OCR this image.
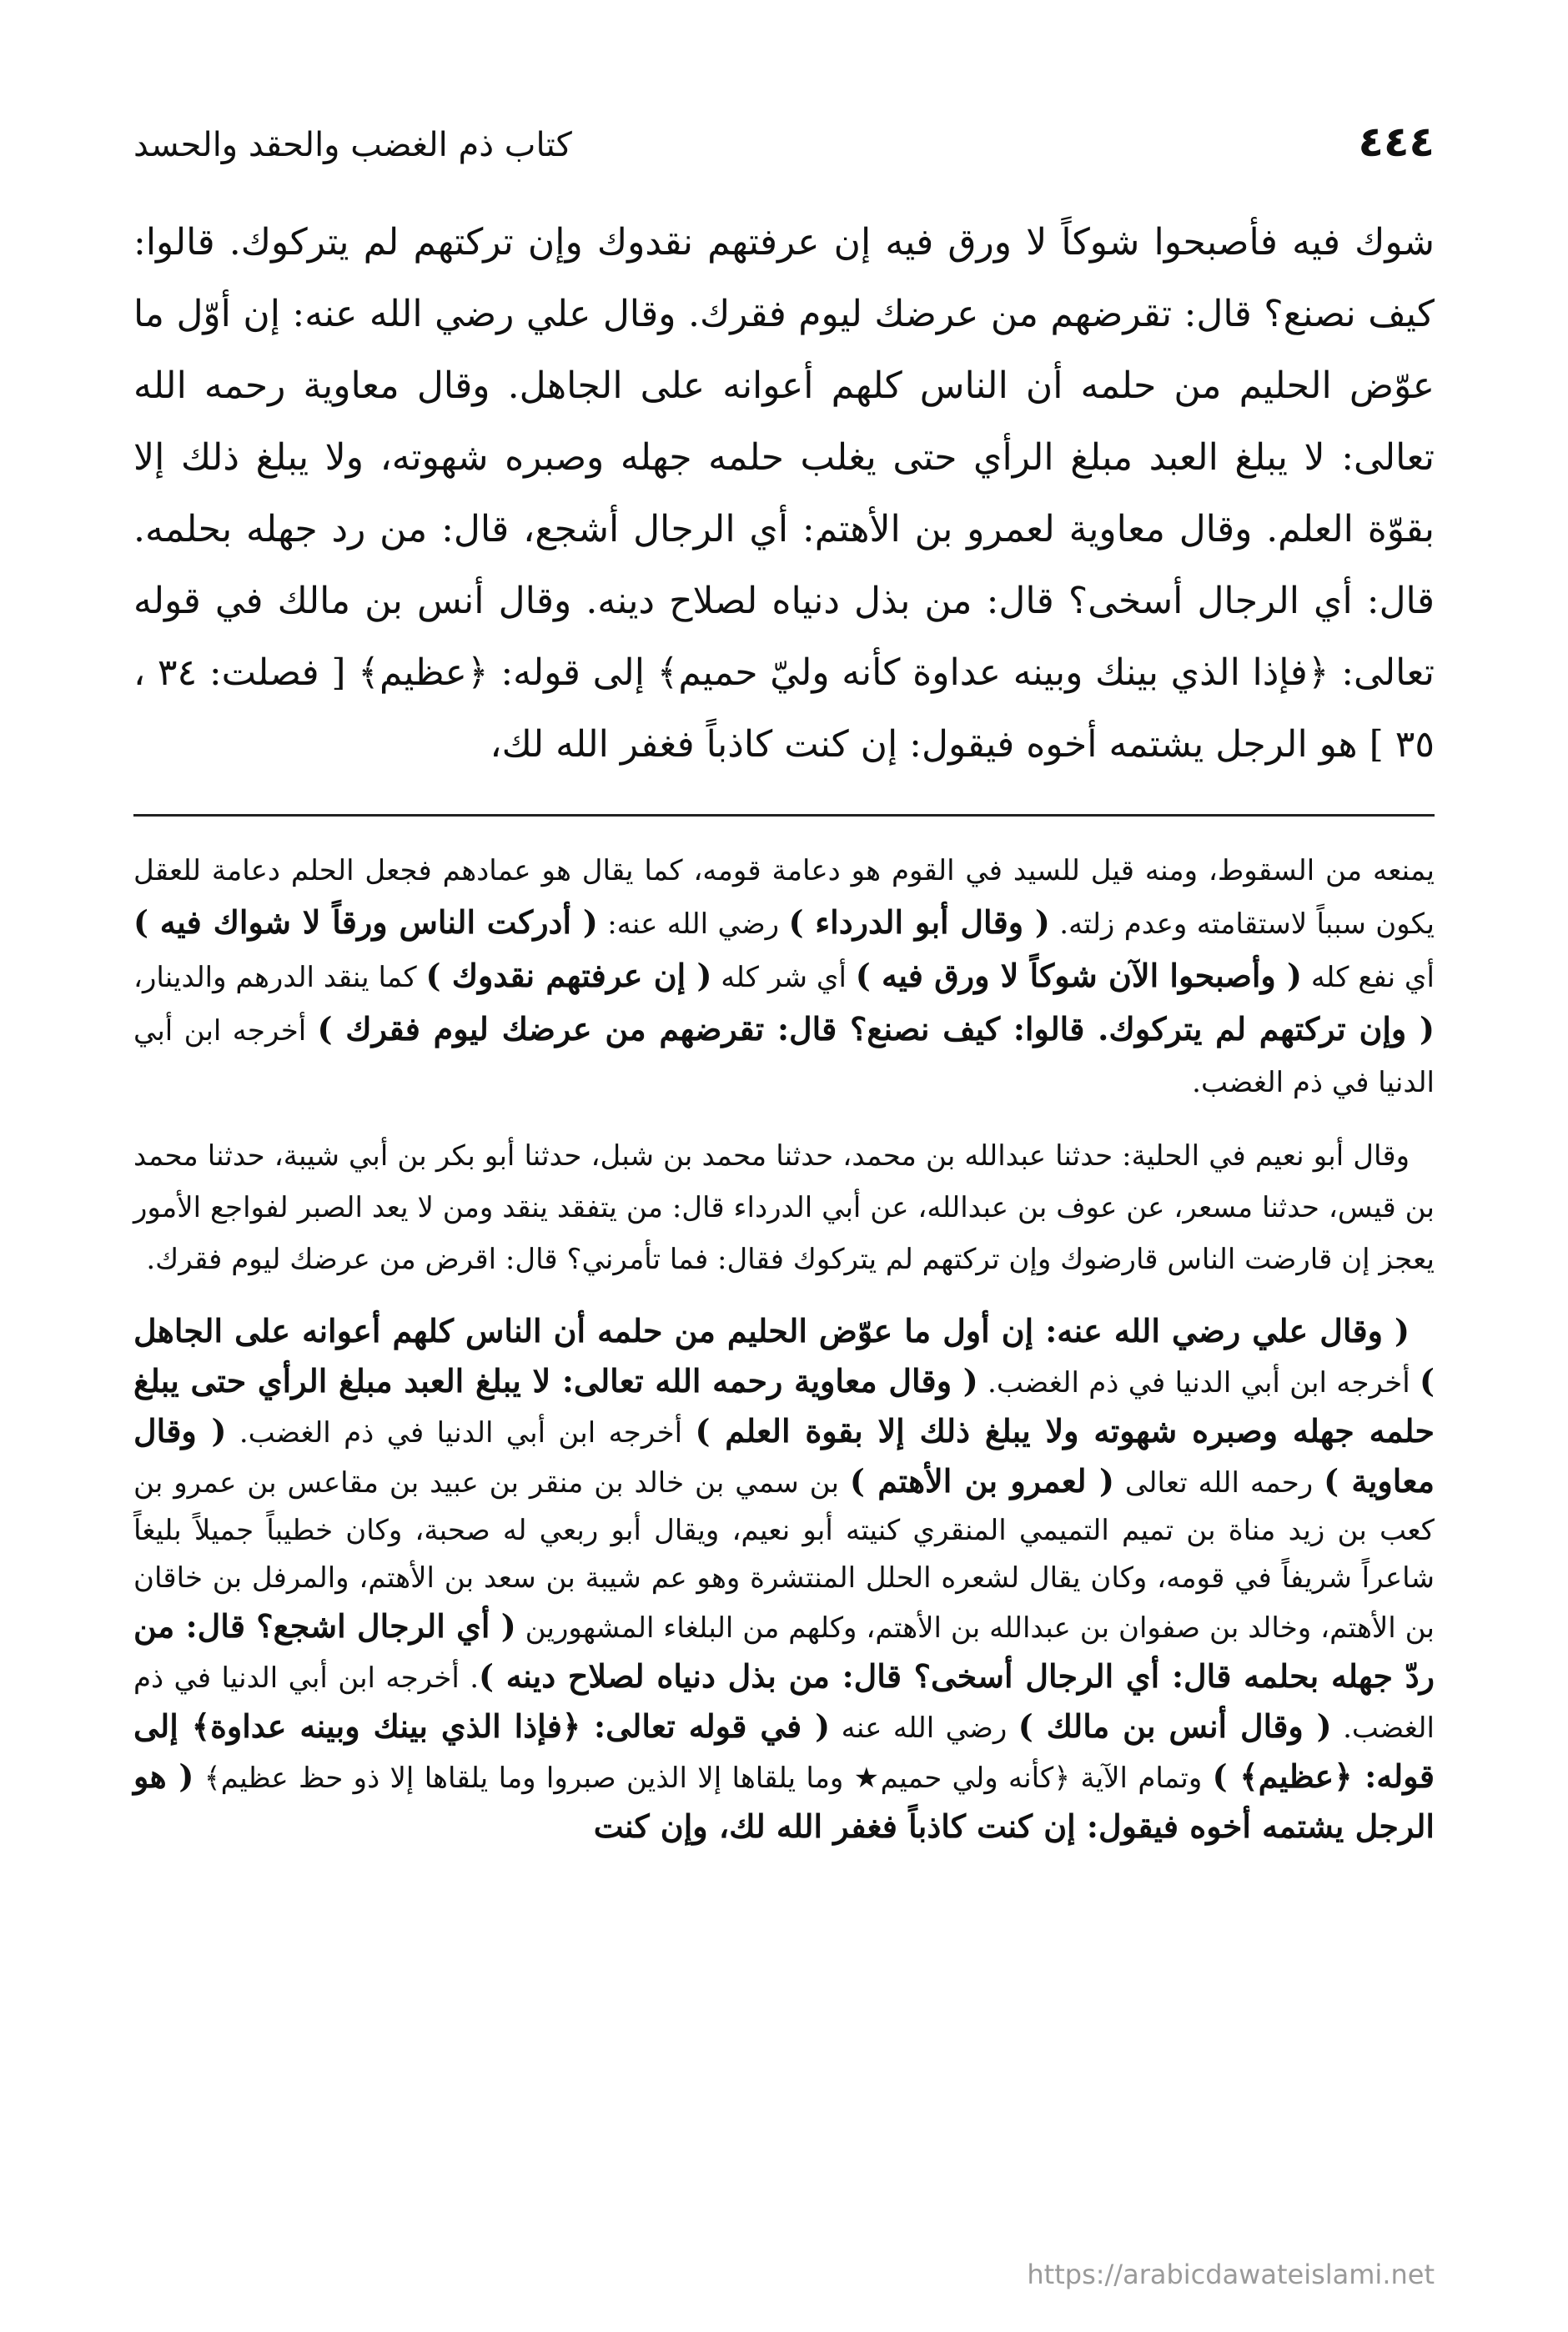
٤٤٤
كتاب ذم الغضب والحقد والحسد

شوك فيه فأصبحوا شوكاً لا ورق فيه إن عرفتهم نقدوك وإن تركتهم لم يتركوك. قالوا: كيف نصنع؟ قال: تقرضهم من عرضك ليوم فقرك. وقال علي رضي الله عنه: إن أوّل ما عوّض الحليم من حلمه أن الناس كلهم أعوانه على الجاهل. وقال معاوية رحمه الله تعالى: لا يبلغ العبد مبلغ الرأي حتى يغلب حلمه جهله وصبره شهوته، ولا يبلغ ذلك إلا بقوّة العلم. وقال معاوية لعمرو بن الأهتم: أي الرجال أشجع، قال: من رد جهله بحلمه. قال: أي الرجال أسخى؟ قال: من بذل دنياه لصلاح دينه. وقال أنس بن مالك في قوله تعالى: ﴿فإذا الذي بينك وبينه عداوة كأنه وليّ حميم﴾ إلى قوله: ﴿عظيم﴾ [ فصلت: ٣٤ ، ٣٥ ] هو الرجل يشتمه أخوه فيقول: إن كنت كاذباً فغفر الله لك،

يمنعه من السقوط، ومنه قيل للسيد في القوم هو دعامة قومه، كما يقال هو عمادهم فجعل الحلم دعامة للعقل يكون سبباً لاستقامته وعدم زلته. ( وقال أبو الدرداء ) رضي الله عنه: ( أدركت الناس ورقاً لا شواك فيه ) أي نفع كله ( وأصبحوا الآن شوكاً لا ورق فيه ) أي شر كله ( إن عرفتهم نقدوك ) كما ينقد الدرهم والدينار، ( وإن تركتهم لم يتركوك. قالوا: كيف نصنع؟ قال: تقرضهم من عرضك ليوم فقرك ) أخرجه ابن أبي الدنيا في ذم الغضب.

وقال أبو نعيم في الحلية: حدثنا عبدالله بن محمد، حدثنا محمد بن شبل، حدثنا أبو بكر بن أبي شيبة، حدثنا محمد بن قيس، حدثنا مسعر، عن عوف بن عبدالله، عن أبي الدرداء قال: من يتفقد ينقد ومن لا يعد الصبر لفواجع الأمور يعجز إن قارضت الناس قارضوك وإن تركتهم لم يتركوك فقال: فما تأمرني؟ قال: اقرض من عرضك ليوم فقرك.

( وقال علي رضي الله عنه: إن أول ما عوّض الحليم من حلمه أن الناس كلهم أعوانه على الجاهل ) أخرجه ابن أبي الدنيا في ذم الغضب. ( وقال معاوية رحمه الله تعالى: لا يبلغ العبد مبلغ الرأي حتى يبلغ حلمه جهله وصبره شهوته ولا يبلغ ذلك إلا بقوة العلم ) أخرجه ابن أبي الدنيا في ذم الغضب. ( وقال معاوية ) رحمه الله تعالى ( لعمرو بن الأهتم ) بن سمي بن خالد بن منقر بن عبيد بن مقاعس بن عمرو بن كعب بن زيد مناة بن تميم التميمي المنقري كنيته أبو نعيم، ويقال أبو ربعي له صحبة، وكان خطيباً جميلاً بليغاً شاعراً شريفاً في قومه، وكان يقال لشعره الحلل المنتشرة وهو عم شيبة بن سعد بن الأهتم، والمرفل بن خاقان بن الأهتم، وخالد بن صفوان بن عبدالله بن الأهتم، وكلهم من البلغاء المشهورين ( أي الرجال اشجع؟ قال: من ردّ جهله بحلمه قال: أي الرجال أسخى؟ قال: من بذل دنياه لصلاح دينه ). أخرجه ابن أبي الدنيا في ذم الغضب. ( وقال أنس بن مالك ) رضي الله عنه ( في قوله تعالى: ﴿فإذا الذي بينك وبينه عداوة﴾ إلى قوله: ﴿عظيم﴾ ) وتمام الآية ﴿كأنه ولي حميم★ وما يلقاها إلا الذين صبروا وما يلقاها إلا ذو حظ عظيم﴾ ( هو الرجل يشتمه أخوه فيقول: إن كنت كاذباً فغفر الله لك، وإن كنت

https://arabicdawateislami.net
